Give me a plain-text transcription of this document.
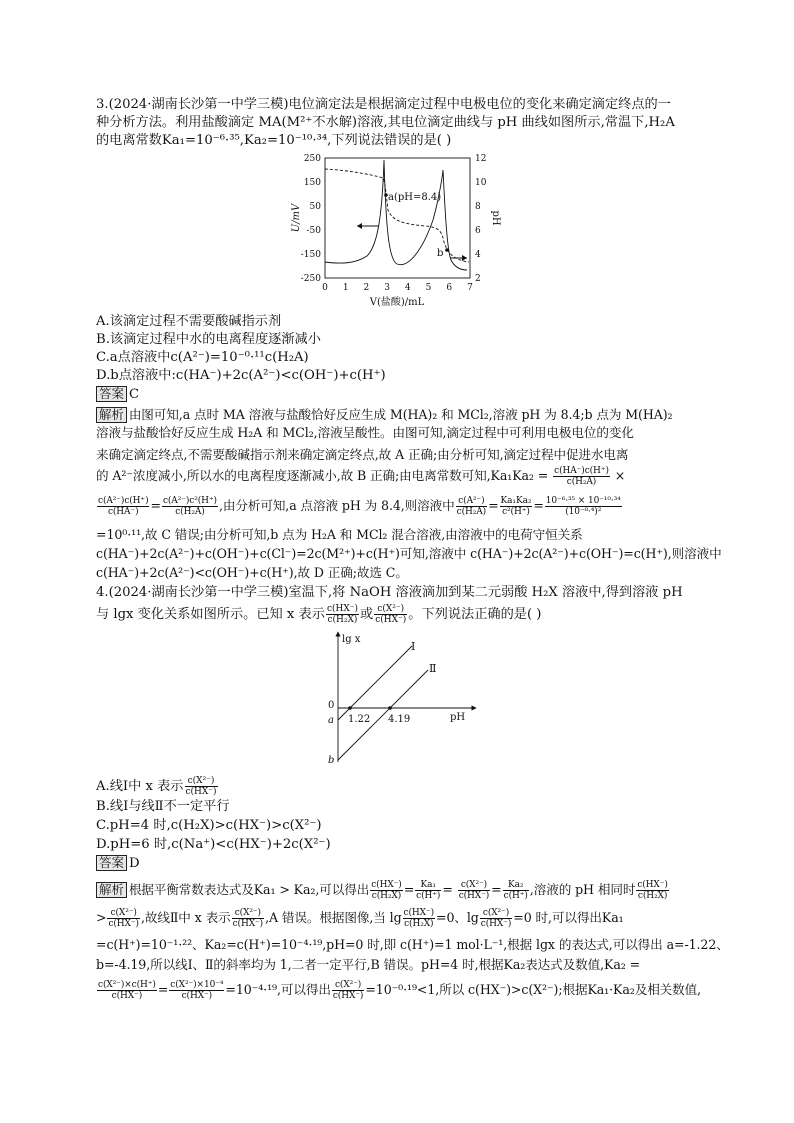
3.(2024·湖南长沙第一中学三模)电位滴定法是根据滴定过程中电极电位的变化来确定滴定终点的一
种分析方法。利用盐酸滴定 MA(M²⁺不水解)溶液,其电位滴定曲线与 pH 曲线如图所示,常温下,H₂A
的电离常数Ka₁=10⁻⁶·³⁵,Ka₂=10⁻¹⁰·³⁴,下列说法错误的是( )
250
150
50
-50
-150
-250
12
10
8
6
4
2
0 1 2 3 4 5 6 7
U/mV	pH
V(盐酸)/mL
a(pH=8.4)
b
A.该滴定过程不需要酸碱指示剂
B.该滴定过程中水的电离程度逐渐减小
C.a点溶液中c(A²⁻)=10⁻⁰·¹¹c(H₂A)
D.b点溶液中:c(HA⁻)+2c(A²⁻)<c(OH⁻)+c(H⁺)
答案 C
解析 由图可知,a 点时 MA 溶液与盐酸恰好反应生成 M(HA)₂ 和 MCl₂,溶液 pH 为 8.4;b 点为 M(HA)₂
溶液与盐酸恰好反应生成 H₂A 和 MCl₂,溶液呈酸性。由图可知,滴定过程中可利用电极电位的变化
来确定滴定终点,不需要酸碱指示剂来确定滴定终点,故 A 正确;由分析可知,滴定过程中促进水电离
的 A²⁻浓度减小,所以水的电离程度逐渐减小,故 B 正确;由电离常数可知$,Ka_1Ka_2 = \frac{c(HA^-)c(H^+)}{\text{c(H₂A)}}$ ×
$\frac{\text{c(A²⁻)c(H⁺)}}{c(HA^-)} = \frac{\text{c(A²⁻)c²(H⁺)}}{\text{c(H₂A)}}$ ,由分析可知,a 点溶液 pH 为 8.4,则溶液中 $\frac{\text{c(A²⁻)}}{\text{c(H₂A)}} = \frac{\text{Ka₁Ka₂}}{\text{c²(H⁺)}} = \frac{\text{10⁻⁶·³⁵ × 10⁻¹⁰·³⁴}}{\text{(10⁻⁸·⁴)²}}$
=10⁰·¹¹,故 C 错误;由分析可知,b 点为 H₂A 和 MCl₂ 混合溶液,由溶液中的电荷守恒关系
c(HA⁻)+2c(A²⁻)+c(OH⁻)+c(Cl⁻)=2c(M²⁺)+c(H⁺)可知,溶液中 c(HA⁻)+2c(A²⁻)+c(OH⁻)=c(H⁺),则溶液中
c(HA⁻)+2c(A²⁻)<c(OH⁻)+c(H⁺),故 D 正确;故选 C。
4.(2024·湖南长沙第一中学三模)室温下,将 NaOH 溶液滴加到某二元弱酸 H₂X 溶液中,得到溶液 pH
与 lgx 变化关系如图所示。已知 x 表示 $\frac{c(HX^-)}{\text{c(H₂X)}}$ 或 $\frac{\text{c(X²⁻)}}{c(HX^-)}$ 。下列说法正确的是( )
lg x
pH
0
a
b
1.22 4.19
Ⅰ
Ⅱ
A.线Ⅰ中 x 表示 $\frac{\text{c(X²⁻)}}{c(HX^-)}$
B.线Ⅰ与线Ⅱ不一定平行
C.pH=4 时,c(H₂X)>c(HX⁻)>c(X²⁻)
D.pH=6 时,c(Na⁺)<c(HX⁻)+2c(X²⁻)
答案 D
解析 根据平衡常数表达式及Ka₁ > Ka₂,可以得出 $\frac{c(HX^-)}{\text{c(H₂X)}} = \frac{\text{Ka₁}}{c(H^+)} = \frac{\text{c(X²⁻)}}{c(HX^-)} = \frac{\text{Ka₂}}{c(H^+)}$ ,溶液的 pH 相同时 $\frac{c(HX^-)}{\text{c(H₂X)}}$
> $\frac{\text{c(X²⁻)}}{c(HX^-)}$ ,故线Ⅱ中 x 表示 $\frac{\text{c(X²⁻)}}{c(HX^-)} ,A$ 错误。根据图像,当 $\lg \frac{c(HX^-)}{\text{c(H₂X)}} =0$、$\lg \frac{\text{c(X²⁻)}}{c(HX^-)} =0$ 时,可以得出Ka₁
=c(H⁺)=10⁻¹·²²、Ka₂=c(H⁺)=10⁻⁴·¹⁹,pH=0 时,即 c(H⁺)=1 mol·L⁻¹,根据 lgx 的表达式,可以得出 a=-1.22、
b=-4.19,所以线Ⅰ、Ⅱ的斜率均为 1,二者一定平行,B 错误。pH=4 时,根据Ka₂表达式及数值,Ka₂ =
$\frac{\text{c(X²⁻)×c(H⁺)}}{c(HX^-)} = \frac{\text{c(X²⁻)×10⁻⁴}}{c(HX^-)} =10^{-4}\cdot^{19}$,可以得出 $\frac{\text{c(X²⁻)}}{c(HX^-)} =10^{-0}\cdot^{19}<1$,所以 c(HX⁻)>c(X²⁻);根据Ka₁·Ka₂及相关数值,
